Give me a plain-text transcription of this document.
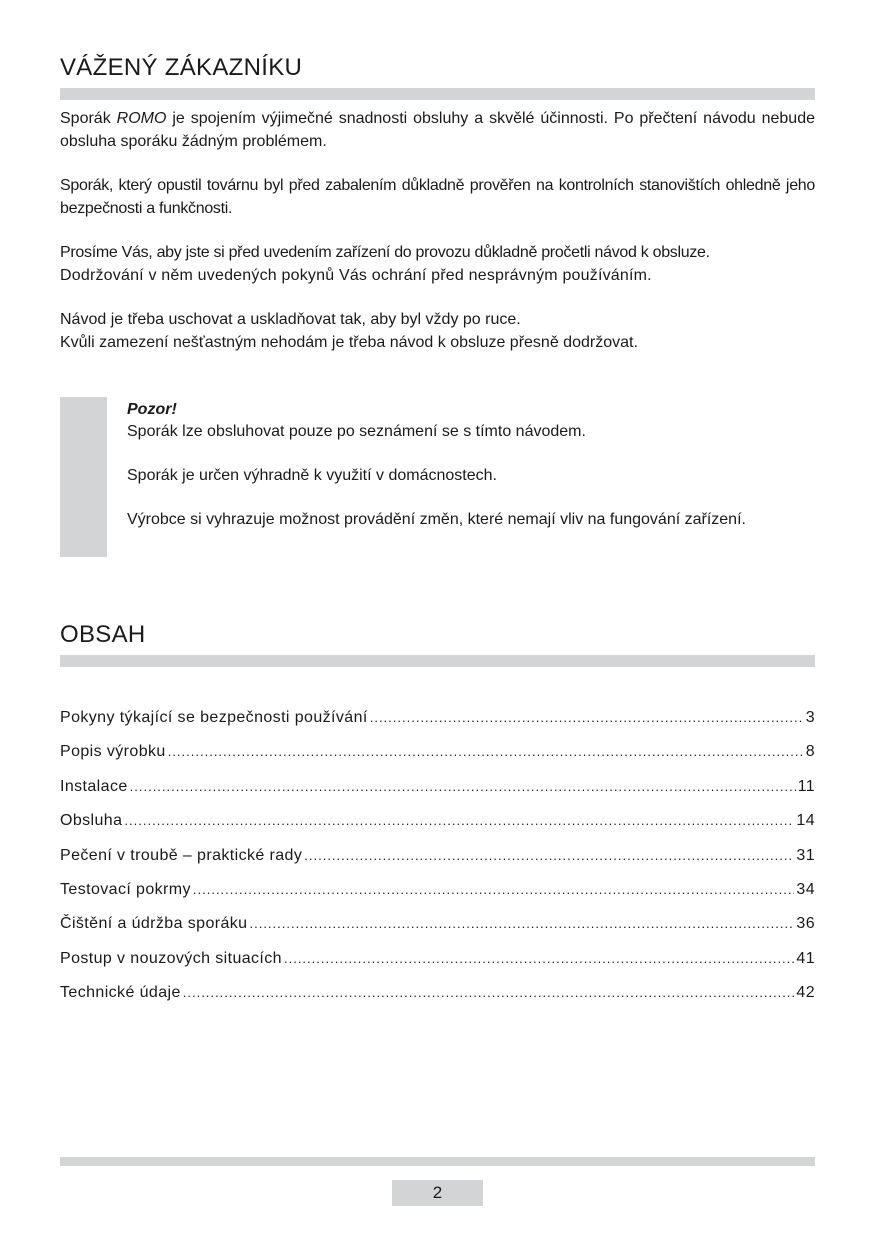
VÁŽENÝ ZÁKAZNÍKU

Sporák ROMO je spojením výjimečné snadnosti obsluhy a skvělé účinnosti. Po přečtení návodu nebude obsluha sporáku žádným problémem.

Sporák, který opustil továrnu byl před zabalením důkladně prověřen na kontrolních stanovištích ohledně jeho bezpečnosti a funkčnosti.

Prosíme Vás, aby jste si před uvedením zařízení do provozu důkladně pročetli návod k obsluze.
Dodržování v něm uvedených pokynů Vás ochrání před nesprávným používáním.
Návod je třeba uschovat a uskladňovat tak, aby byl vždy po ruce.
Kvůli zamezení nešťastným nehodám je třeba návod k obsluze přesně dodržovat.

Pozor!

Sporák lze obsluhovat pouze po seznámení se s tímto návodem.

Sporák je určen výhradně k využití v domácnostech.

Výrobce si vyhrazuje možnost provádění změn, které nemají vliv na fungování zařízení.

OBSAH
Pokyny týkající se bezpečnosti používání .....	3
Popis výrobku .....	8
Instalace .....	11
Obsluha .....	14
Pečení v troubě – praktické rady .....	31
Testovací pokrmy .....	34
Čištění a údržba sporáku .....	36
Postup v nouzových situacích .....	41
Technické údaje .....	42
2
